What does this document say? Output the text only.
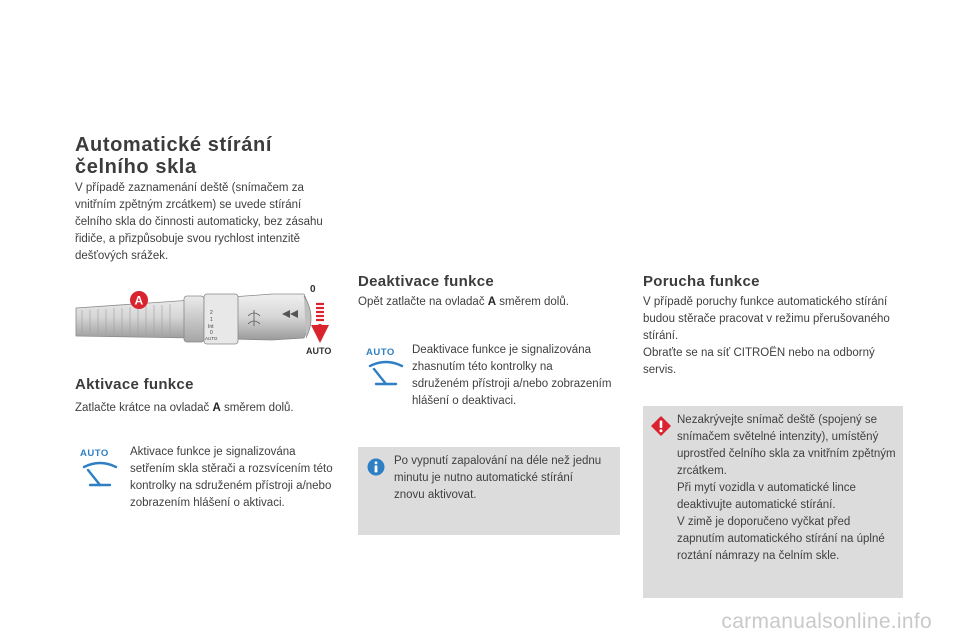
Automatické stírání čelního skla
V případě zaznamenání deště (snímačem za vnitřním zpětným zrcátkem) se uvede stírání čelního skla do činnosti automaticky, bez zásahu řidiče, a přizpůsobuje svou rychlost intenzitě dešťových srážek.
2
1
Int
0
AUTO
0
AUTO
A
Aktivace funkce
Zatlačte krátce na ovladač A směrem dolů.
AUTO	Aktivace funkce je signalizována setřením skla stěrači a rozsvícením této kontrolky na sdruženém přístroji a/nebo zobrazením hlášení o aktivaci.
Deaktivace funkce
Opět zatlačte na ovladač A směrem dolů.
AUTO	Deaktivace funkce je signalizována zhasnutím této kontrolky na sdruženém přístroji a/nebo zobrazením hlášení o deaktivaci.
Po vypnutí zapalování na déle než jednu minutu je nutno automatické stírání znovu aktivovat.
Porucha funkce
V případě poruchy funkce automatického stírání budou stěrače pracovat v režimu přerušovaného stírání.
Obraťte se na síť CITROËN nebo na odborný servis.
Nezakrývejte snímač deště (spojený se snímačem světelné intenzity), umístěný uprostřed čelního skla za vnitřním zpětným zrcátkem.
Při mytí vozidla v automatické lince deaktivujte automatické stírání.
V zimě je doporučeno vyčkat před zapnutím automatického stírání na úplné roztání námrazy na čelním skle.
carmanualsonline.info
